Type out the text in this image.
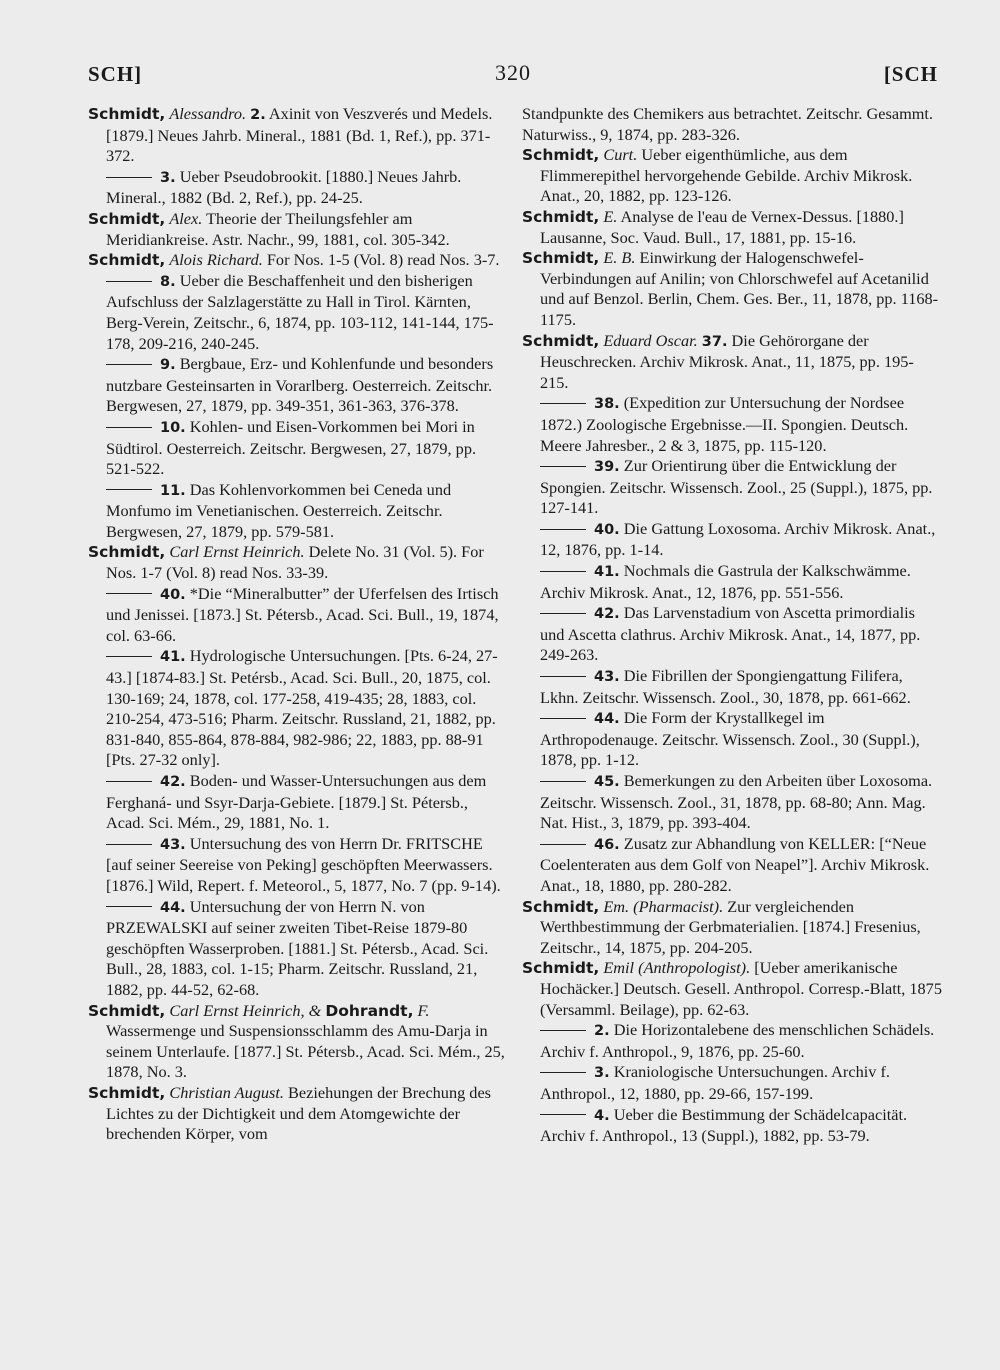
SCH]	320	[SCH

Schmidt, Alessandro. 2. Axinit von Veszverés und Medels. [1879.] Neues Jahrb. Mineral., 1881 (Bd. 1, Ref.), pp. 371-372.

3. Ueber Pseudobrookit. [1880.] Neues Jahrb. Mineral., 1882 (Bd. 2, Ref.), pp. 24-25.

Schmidt, Alex. Theorie der Theilungsfehler am Meridiankreise. Astr. Nachr., 99, 1881, col. 305-342.

Schmidt, Alois Richard. For Nos. 1-5 (Vol. 8) read Nos. 3-7.

8. Ueber die Beschaffenheit und den bisherigen Aufschluss der Salzlagerstätte zu Hall in Tirol. Kärnten, Berg-Verein, Zeitschr., 6, 1874, pp. 103-112, 141-144, 175-178, 209-216, 240-245.

9. Bergbaue, Erz- und Kohlenfunde und besonders nutzbare Gesteinsarten in Vorarlberg. Oesterreich. Zeitschr. Bergwesen, 27, 1879, pp. 349-351, 361-363, 376-378.

10. Kohlen- und Eisen-Vorkommen bei Mori in Südtirol. Oesterreich. Zeitschr. Bergwesen, 27, 1879, pp. 521-522.

11. Das Kohlenvorkommen bei Ceneda und Monfumo im Venetianischen. Oesterreich. Zeitschr. Bergwesen, 27, 1879, pp. 579-581.

Schmidt, Carl Ernst Heinrich. Delete No. 31 (Vol. 5). For Nos. 1-7 (Vol. 8) read Nos. 33-39.

40. *Die “Mineralbutter” der Uferfelsen des Irtisch und Jenissei. [1873.] St. Pétersb., Acad. Sci. Bull., 19, 1874, col. 63-66.

41. Hydrologische Untersuchungen. [Pts. 6-24, 27-43.] [1874-83.] St. Petérsb., Acad. Sci. Bull., 20, 1875, col. 130-169; 24, 1878, col. 177-258, 419-435; 28, 1883, col. 210-254, 473-516; Pharm. Zeitschr. Russland, 21, 1882, pp. 831-840, 855-864, 878-884, 982-986; 22, 1883, pp. 88-91 [Pts. 27-32 only].

42. Boden- und Wasser-Untersuchungen aus dem Ferghaná- und Ssyr-Darja-Gebiete. [1879.] St. Pétersb., Acad. Sci. Mém., 29, 1881, No. 1.

43. Untersuchung des von Herrn Dr. FRITSCHE [auf seiner Seereise von Peking] geschöpften Meerwassers. [1876.] Wild, Repert. f. Meteorol., 5, 1877, No. 7 (pp. 9-14).

44. Untersuchung der von Herrn N. von PRZEWALSKI auf seiner zweiten Tibet-Reise 1879-80 geschöpften Wasserproben. [1881.] St. Pétersb., Acad. Sci. Bull., 28, 1883, col. 1-15; Pharm. Zeitschr. Russland, 21, 1882, pp. 44-52, 62-68.

Schmidt, Carl Ernst Heinrich, & Dohrandt, F. Wassermenge und Suspensionsschlamm des Amu-Darja in seinem Unterlaufe. [1877.] St. Pétersb., Acad. Sci. Mém., 25, 1878, No. 3.

Schmidt, Christian August. Beziehungen der Brechung des Lichtes zu der Dichtigkeit und dem Atomgewichte der brechenden Körper, vom

Standpunkte des Chemikers aus betrachtet. Zeitschr. Gesammt. Naturwiss., 9, 1874, pp. 283-326.

Schmidt, Curt. Ueber eigenthümliche, aus dem Flimmerepithel hervorgehende Gebilde. Archiv Mikrosk. Anat., 20, 1882, pp. 123-126.

Schmidt, E. Analyse de l'eau de Vernex-Dessus. [1880.] Lausanne, Soc. Vaud. Bull., 17, 1881, pp. 15-16.

Schmidt, E. B. Einwirkung der Halogenschwefel-Verbindungen auf Anilin; von Chlorschwefel auf Acetanilid und auf Benzol. Berlin, Chem. Ges. Ber., 11, 1878, pp. 1168-1175.

Schmidt, Eduard Oscar. 37. Die Gehörorgane der Heuschrecken. Archiv Mikrosk. Anat., 11, 1875, pp. 195-215.

38. (Expedition zur Untersuchung der Nordsee 1872.) Zoologische Ergebnisse.—II. Spongien. Deutsch. Meere Jahresber., 2 & 3, 1875, pp. 115-120.

39. Zur Orientirung über die Entwicklung der Spongien. Zeitschr. Wissensch. Zool., 25 (Suppl.), 1875, pp. 127-141.

40. Die Gattung Loxosoma. Archiv Mikrosk. Anat., 12, 1876, pp. 1-14.

41. Nochmals die Gastrula der Kalkschwämme. Archiv Mikrosk. Anat., 12, 1876, pp. 551-556.

42. Das Larvenstadium von Ascetta primordialis und Ascetta clathrus. Archiv Mikrosk. Anat., 14, 1877, pp. 249-263.

43. Die Fibrillen der Spongiengattung Filifera, Lkhn. Zeitschr. Wissensch. Zool., 30, 1878, pp. 661-662.

44. Die Form der Krystallkegel im Arthropodenauge. Zeitschr. Wissensch. Zool., 30 (Suppl.), 1878, pp. 1-12.

45. Bemerkungen zu den Arbeiten über Loxosoma. Zeitschr. Wissensch. Zool., 31, 1878, pp. 68-80; Ann. Mag. Nat. Hist., 3, 1879, pp. 393-404.

46. Zusatz zur Abhandlung von KELLER: [“Neue Coelenteraten aus dem Golf von Neapel”]. Archiv Mikrosk. Anat., 18, 1880, pp. 280-282.

Schmidt, Em. (Pharmacist). Zur vergleichenden Werthbestimmung der Gerbmaterialien. [1874.] Fresenius, Zeitschr., 14, 1875, pp. 204-205.

Schmidt, Emil (Anthropologist). [Ueber amerikanische Hochäcker.] Deutsch. Gesell. Anthropol. Corresp.-Blatt, 1875 (Versamml. Beilage), pp. 62-63.

2. Die Horizontalebene des menschlichen Schädels. Archiv f. Anthropol., 9, 1876, pp. 25-60.

3. Kraniologische Untersuchungen. Archiv f. Anthropol., 12, 1880, pp. 29-66, 157-199.

4. Ueber die Bestimmung der Schädelcapacität. Archiv f. Anthropol., 13 (Suppl.), 1882, pp. 53-79.
